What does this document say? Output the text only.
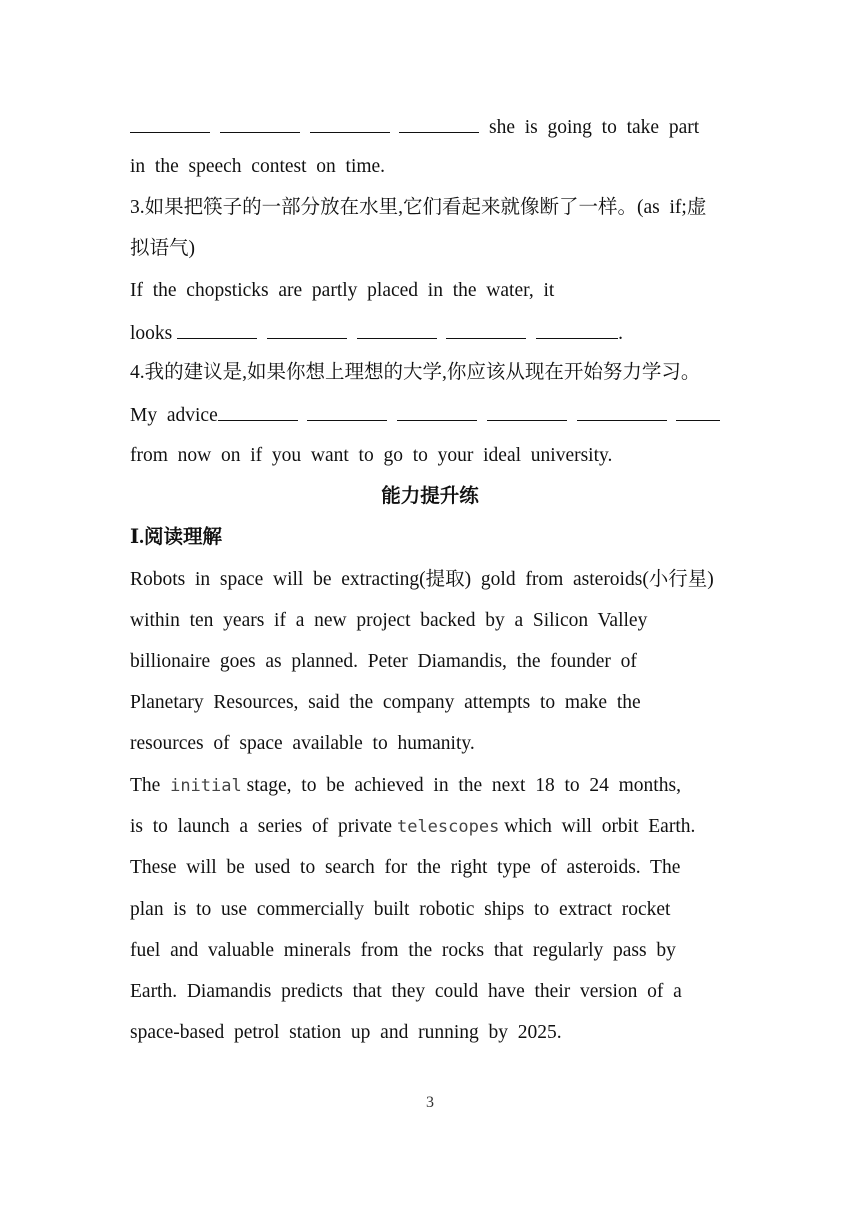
she  is  going  to  take  part
in  the  speech  contest  on  time.
3.如果把筷子的一部分放在水里,它们看起来就像断了一样。(as  if;虚
拟语气)
If  the  chopsticks  are  partly  placed  in  the  water,  it
looks	.
4.我的建议是,如果你想上理想的大学,你应该从现在开始努力学习。
My  advice
from  now  on  if  you  want  to  go  to  your  ideal  university.
能力提升练
Ⅰ.阅读理解
Robots  in  space  will  be  extracting(提取)  gold  from  asteroids(小行星)
within  ten  years  if  a  new  project  backed  by  a  Silicon  Valley
billionaire  goes  as  planned.  Peter  Diamandis,  the  founder  of
Planetary  Resources,  said  the  company  attempts  to  make  the
resources  of  space  available  to  humanity.
The  initial stage,  to  be  achieved  in  the  next  18  to  24  months,
is  to  launch  a  series  of  private telescopes which  will  orbit  Earth.
These  will  be  used  to  search  for  the  right  type  of  asteroids.  The
plan  is  to  use  commercially  built  robotic  ships  to  extract  rocket
fuel  and  valuable  minerals  from  the  rocks  that  regularly  pass  by
Earth.  Diamandis  predicts  that  they  could  have  their  version  of  a
space-based  petrol  station  up  and  running  by  2025.
3
